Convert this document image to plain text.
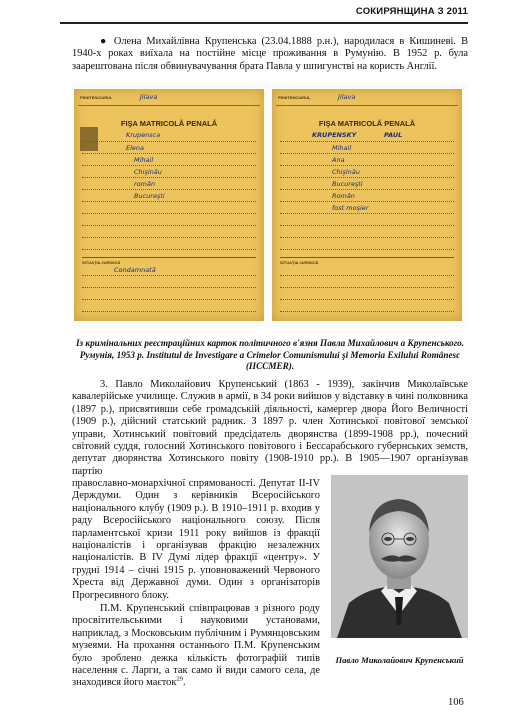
СОКИРЯНЩИНА З 2011

● Олена Михайлівна Крупенська (23.04.1888 р.н.), народилася в Кишиневі. В 1940-х роках виїхала на постійне місце проживання в Румунію. В 1952 р. була заарештована після обвинувачування брата Павла у шпигунстві на користь Англії.

PENITENCIARUL	Jilava
FIŞA MATRICOLĂ PENALĂ
Krupensca
Elena
Mihail
Chişinău
român
Bucureşti
SITUAŢIA JURIDICĂ
Condamnată
PENITENCIARUL	Jilava
FIŞA MATRICOLĂ PENALĂ
KRUPENSKY	PAUL
Mihail
Ana
Chişinău
Bucureşti
Român
fost moşier
SITUAŢIA JURIDICĂ

Із кримінальних реєстраційних карток політичного в'язня Павла Михайлович а Крупенського. Румунія, 1953 р. Institutul de Investigare a Crimelor Comunismului şi Memoria Exilului Românesc (IICCMER).

3. Павло Миколайович Крупенський (1863 - 1939), закінчив Миколаївське кавалерійське училище. Служив в армії, в 34 роки вийшов у відставку в чині полковника (1897 р.), присвятивши себе громадській діяльності, камергер двора Його Величності (1909 р.), дійсний статський радник. З 1897 р. член Хотинської повітової земської управи, Хотинський повітовий предсідатель дворянства (1899-1908 рр.), почесний світовий суддя, голосний Хотинського повітового і Бессарабського губернських земств, депутат дворянства Хотинського повіту (1908-1910 рр.). В 1905—1907 організував партію

православно-монархічної спрямованості. Депутат II-IV Держдуми. Один з керівників Всеросійського національного клубу (1909 р.). В 1910–1911 р. входив у раду Всеросійського національного союзу. Після парламентської кризи 1911 року вийшов із фракції націоналістів і організував фракцію незалежних націоналістів. В IV Думі лідер фракції «центру». У грудні 1914 – січні 1915 р. уповноважений Червоного Хреста від Державної думи. Один з організаторів Прогресивного блоку.

П.М. Крупенський співпрацював з різного роду просвітительськими і науковими установами, наприклад, з Московським публічним і Румянцовським музеями. На прохання останнього П.М. Крупенським було зроблено дежка кількість фотографій типів населення с. Ларги, а так само й види самого села, де знаходився його маєток$^{29}$.

Павло Миколайович Крупенський
106
